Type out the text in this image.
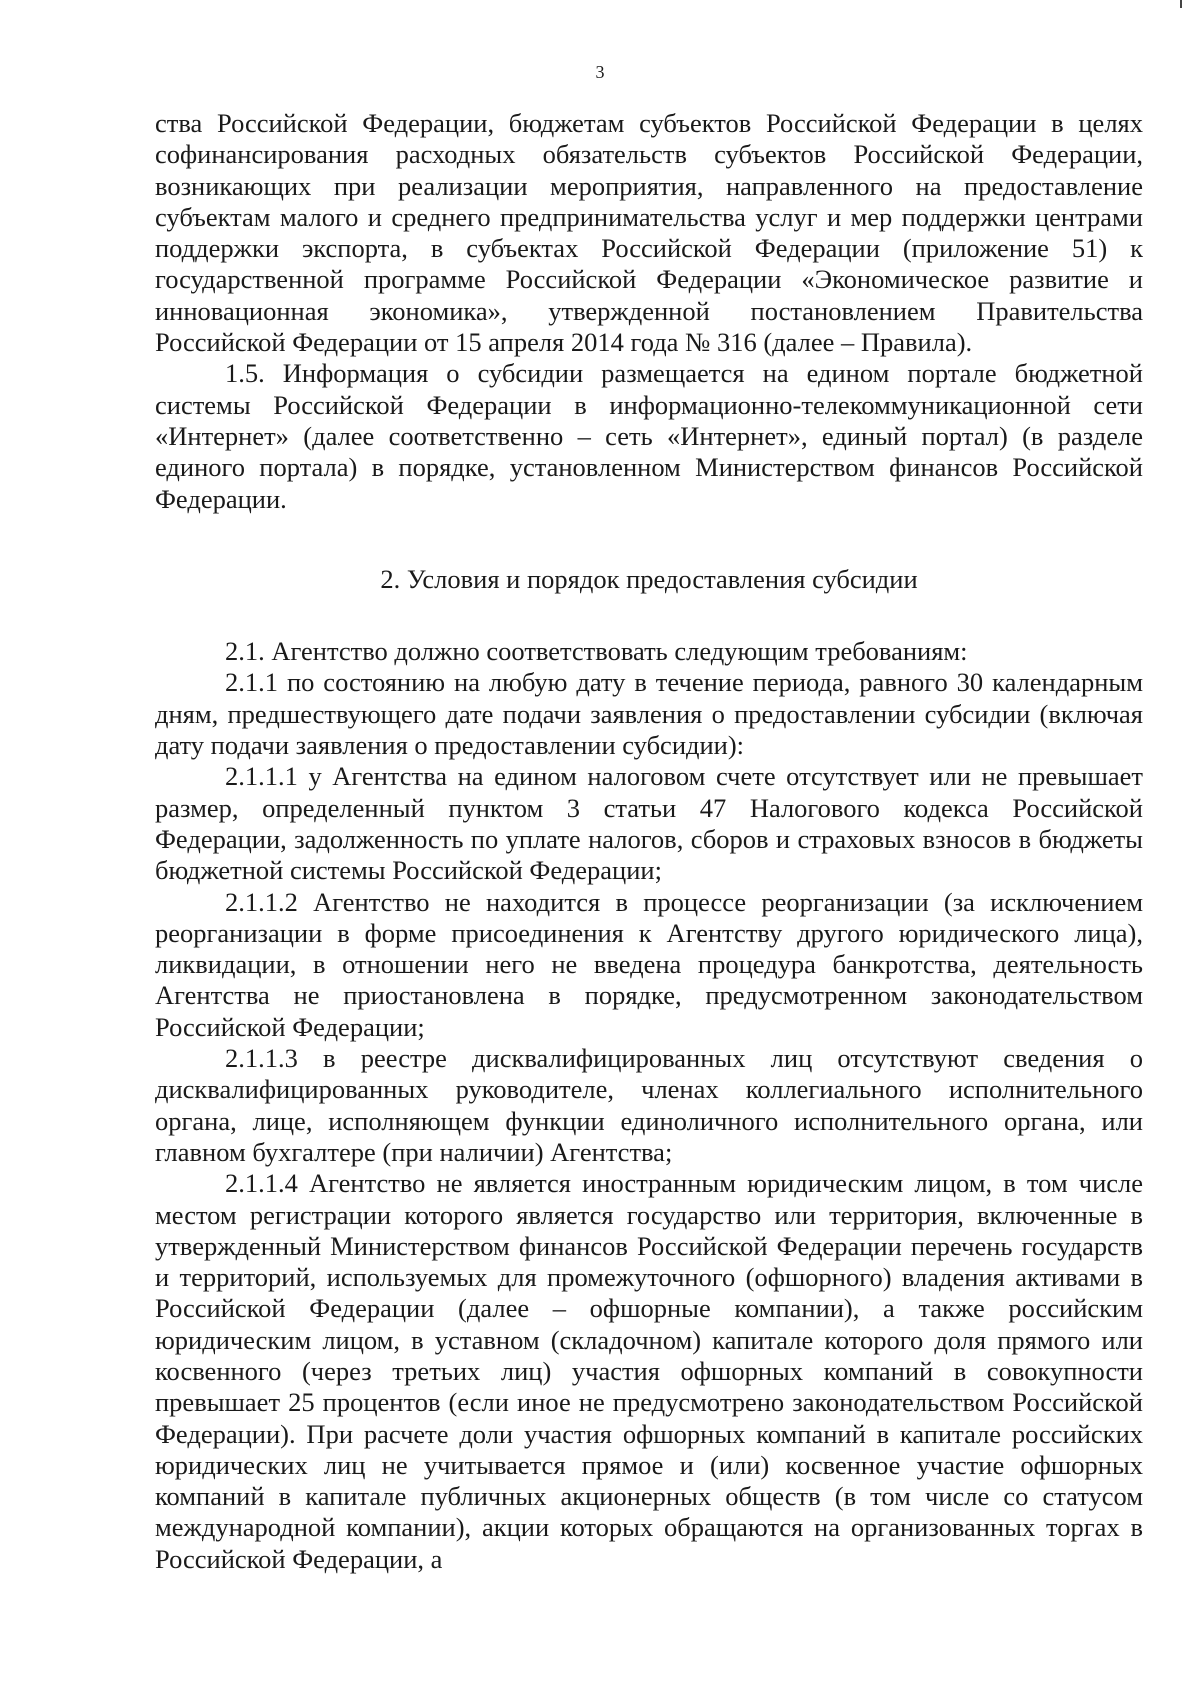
3

ства Российской Федерации, бюджетам субъектов Российской Федерации в целях софинансирования расходных обязательств субъектов Российской Федерации, возникающих при реализации мероприятия, направленного на предоставление субъектам малого и среднего предпринимательства услуг и мер поддержки центрами поддержки экспорта, в субъектах Российской Федерации (приложение 51) к государственной программе Российской Федерации «Экономическое развитие и инновационная экономика», утвержденной постановлением Правительства Российской Федерации от 15 апреля 2014 года № 316 (далее – Правила).

1.5. Информация о субсидии размещается на едином портале бюджетной системы Российской Федерации в информационно-телекоммуникационной сети «Интернет» (далее соответственно – сеть «Интернет», единый портал) (в разделе единого портала) в порядке, установленном Министерством финансов Российской Федерации.

2. Условия и порядок предоставления субсидии

2.1. Агентство должно соответствовать следующим требованиям:

2.1.1 по состоянию на любую дату в течение периода, равного 30 календарным дням, предшествующего дате подачи заявления о предоставлении субсидии (включая дату подачи заявления о предоставлении субсидии):

2.1.1.1 у Агентства на едином налоговом счете отсутствует или не превышает размер, определенный пунктом 3 статьи 47 Налогового кодекса Российской Федерации, задолженность по уплате налогов, сборов и страховых взносов в бюджеты бюджетной системы Российской Федерации;

2.1.1.2 Агентство не находится в процессе реорганизации (за исключением реорганизации в форме присоединения к Агентству другого юридического лица), ликвидации, в отношении него не введена процедура банкротства, деятельность Агентства не приостановлена в порядке, предусмотренном законодательством Российской Федерации;

2.1.1.3 в реестре дисквалифицированных лиц отсутствуют сведения о дисквалифицированных руководителе, членах коллегиального исполнительного органа, лице, исполняющем функции единоличного исполнительного органа, или главном бухгалтере (при наличии) Агентства;

2.1.1.4 Агентство не является иностранным юридическим лицом, в том числе местом регистрации которого является государство или территория, включенные в утвержденный Министерством финансов Российской Федерации перечень государств и территорий, используемых для промежуточного (офшорного) владения активами в Российской Федерации (далее – офшорные компании), а также российским юридическим лицом, в уставном (складочном) капитале которого доля прямого или косвенного (через третьих лиц) участия офшорных компаний в совокупности превышает 25 процентов (если иное не предусмотрено законодательством Российской Федерации). При расчете доли участия офшорных компаний в капитале российских юридических лиц не учитывается прямое и (или) косвенное участие офшорных компаний в капитале публичных акционерных обществ (в том числе со статусом международной компании), акции которых обращаются на организованных торгах в Российской Федерации, а
